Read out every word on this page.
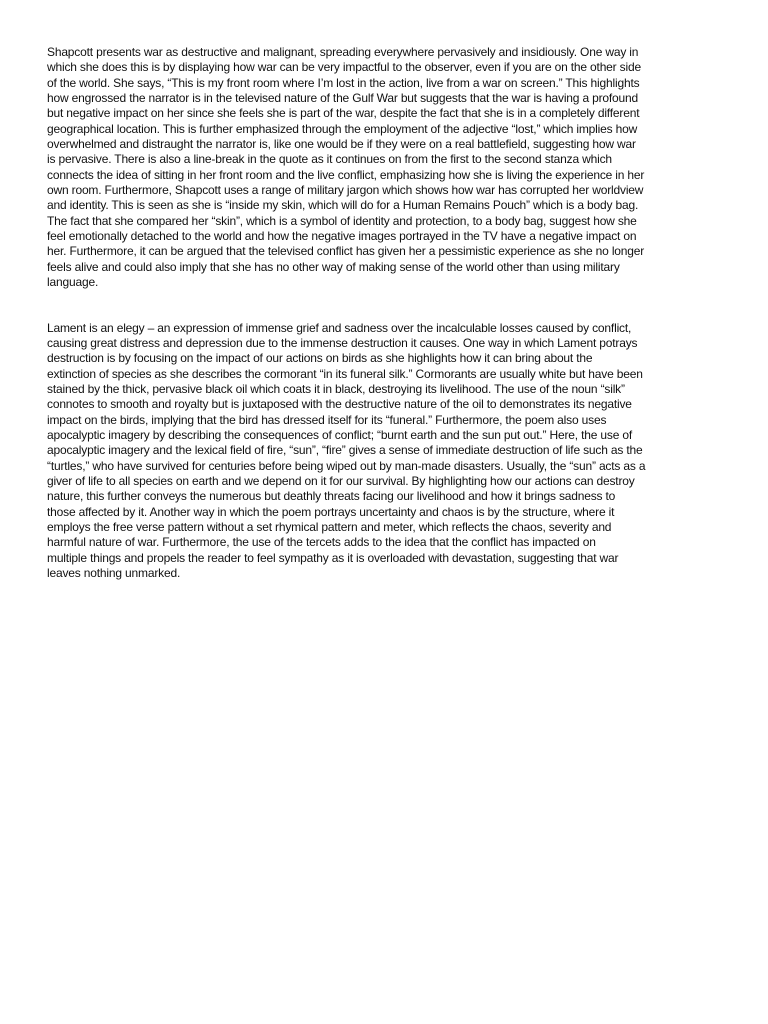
Shapcott presents war as destructive and malignant, spreading everywhere pervasively and insidiously. One way in
which she does this is by displaying how war can be very impactful to the observer, even if you are on the other side
of the world. She says, “This is my front room where I’m lost in the action, live from a war on screen.” This highlights
how engrossed the narrator is in the televised nature of the Gulf War but suggests that the war is having a profound
but negative impact on her since she feels she is part of the war, despite the fact that she is in a completely different
geographical location. This is further emphasized through the employment of the adjective “lost,” which implies how
overwhelmed and distraught the narrator is, like one would be if they were on a real battlefield, suggesting how war
is pervasive. There is also a line-break in the quote as it continues on from the first to the second stanza which
connects the idea of sitting in her front room and the live conflict, emphasizing how she is living the experience in her
own room. Furthermore, Shapcott uses a range of military jargon which shows how war has corrupted her worldview
and identity. This is seen as she is “inside my skin, which will do for a Human Remains Pouch” which is a body bag.
The fact that she compared her “skin”, which is a symbol of identity and protection, to a body bag, suggest how she
feel emotionally detached to the world and how the negative images portrayed in the TV have a negative impact on
her. Furthermore, it can be argued that the televised conflict has given her a pessimistic experience as she no longer
feels alive and could also imply that she has no other way of making sense of the world other than using military
language.
Lament is an elegy – an expression of immense grief and sadness over the incalculable losses caused by conflict,
causing great distress and depression due to the immense destruction it causes. One way in which Lament potrays
destruction is by focusing on the impact of our actions on birds as she highlights how it can bring about the
extinction of species as she describes the cormorant “in its funeral silk.” Cormorants are usually white but have been
stained by the thick, pervasive black oil which coats it in black, destroying its livelihood. The use of the noun “silk”
connotes to smooth and royalty but is juxtaposed with the destructive nature of the oil to demonstrates its negative
impact on the birds, implying that the bird has dressed itself for its “funeral.” Furthermore, the poem also uses
apocalyptic imagery by describing the consequences of conflict; “burnt earth and the sun put out.” Here, the use of
apocalyptic imagery and the lexical field of fire, “sun”, “fire” gives a sense of immediate destruction of life such as the
“turtles,” who have survived for centuries before being wiped out by man-made disasters. Usually, the “sun” acts as a
giver of life to all species on earth and we depend on it for our survival. By highlighting how our actions can destroy
nature, this further conveys the numerous but deathly threats facing our livelihood and how it brings sadness to
those affected by it. Another way in which the poem portrays uncertainty and chaos is by the structure, where it
employs the free verse pattern without a set rhymical pattern and meter, which reflects the chaos, severity and
harmful nature of war. Furthermore, the use of the tercets adds to the idea that the conflict has impacted on
multiple things and propels the reader to feel sympathy as it is overloaded with devastation, suggesting that war
leaves nothing unmarked.
